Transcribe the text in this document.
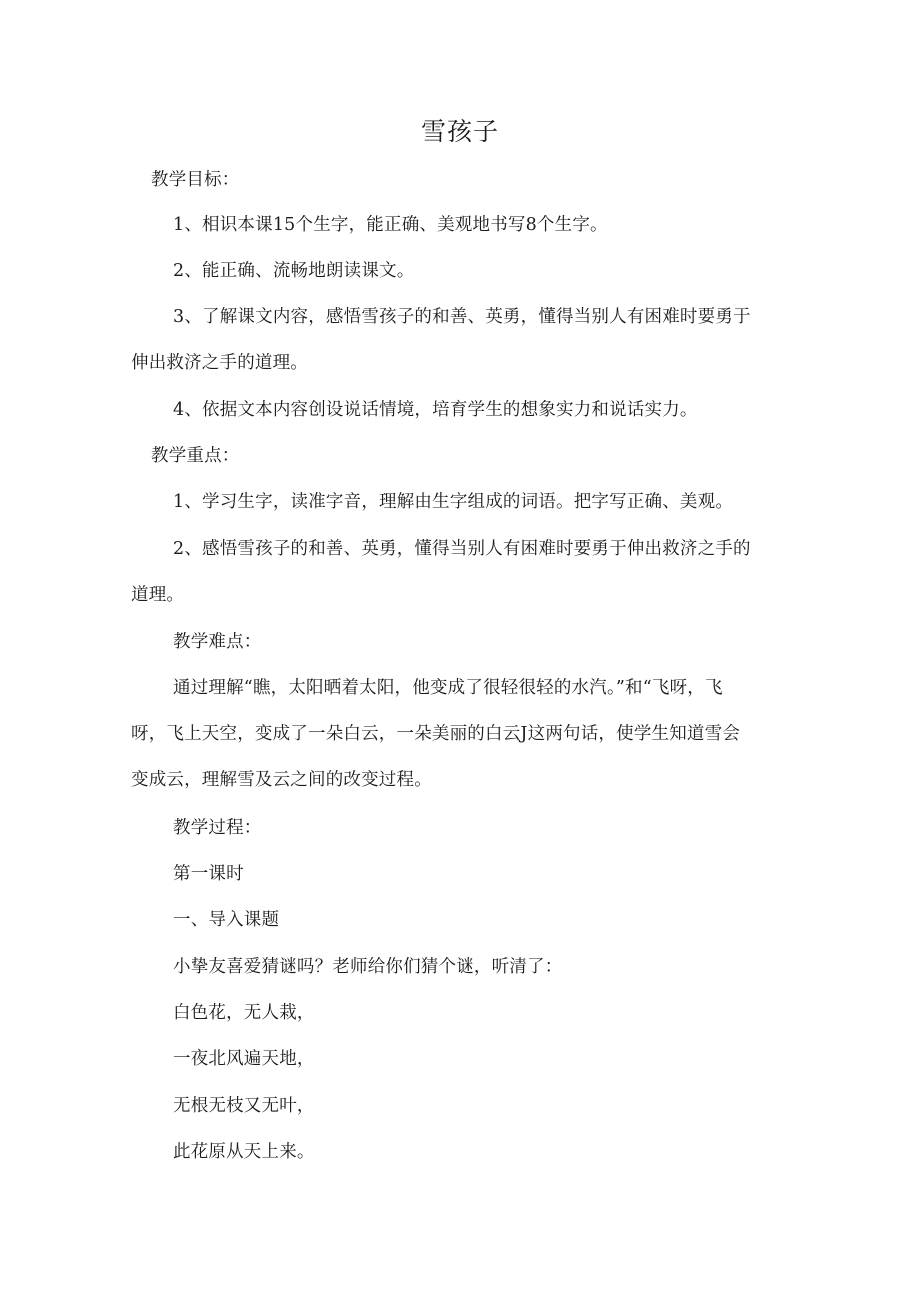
雪孩子

教学目标：

1、相识本课15个生字，能正确、美观地书写8个生字。

2、能正确、流畅地朗读课文。

3、了解课文内容，感悟雪孩子的和善、英勇，懂得当别人有困难时要勇于

伸出救济之手的道理。

4、依据文本内容创设说话情境，培育学生的想象实力和说话实力。

教学重点：

1、学习生字，读准字音，理解由生字组成的词语。把字写正确、美观。

2、感悟雪孩子的和善、英勇，懂得当别人有困难时要勇于伸出救济之手的

道理。

教学难点：

通过理解“瞧，太阳晒着太阳，他变成了很轻很轻的水汽。”和“飞呀，飞

呀，飞上天空，变成了一朵白云，一朵美丽的白云J这两句话，使学生知道雪会

变成云，理解雪及云之间的改变过程。

教学过程：

第一课时

一、导入课题

小挚友喜爱猜谜吗？老师给你们猜个谜，听清了：

白色花，无人栽，

一夜北风遍天地，

无根无枝又无叶，

此花原从天上来。
